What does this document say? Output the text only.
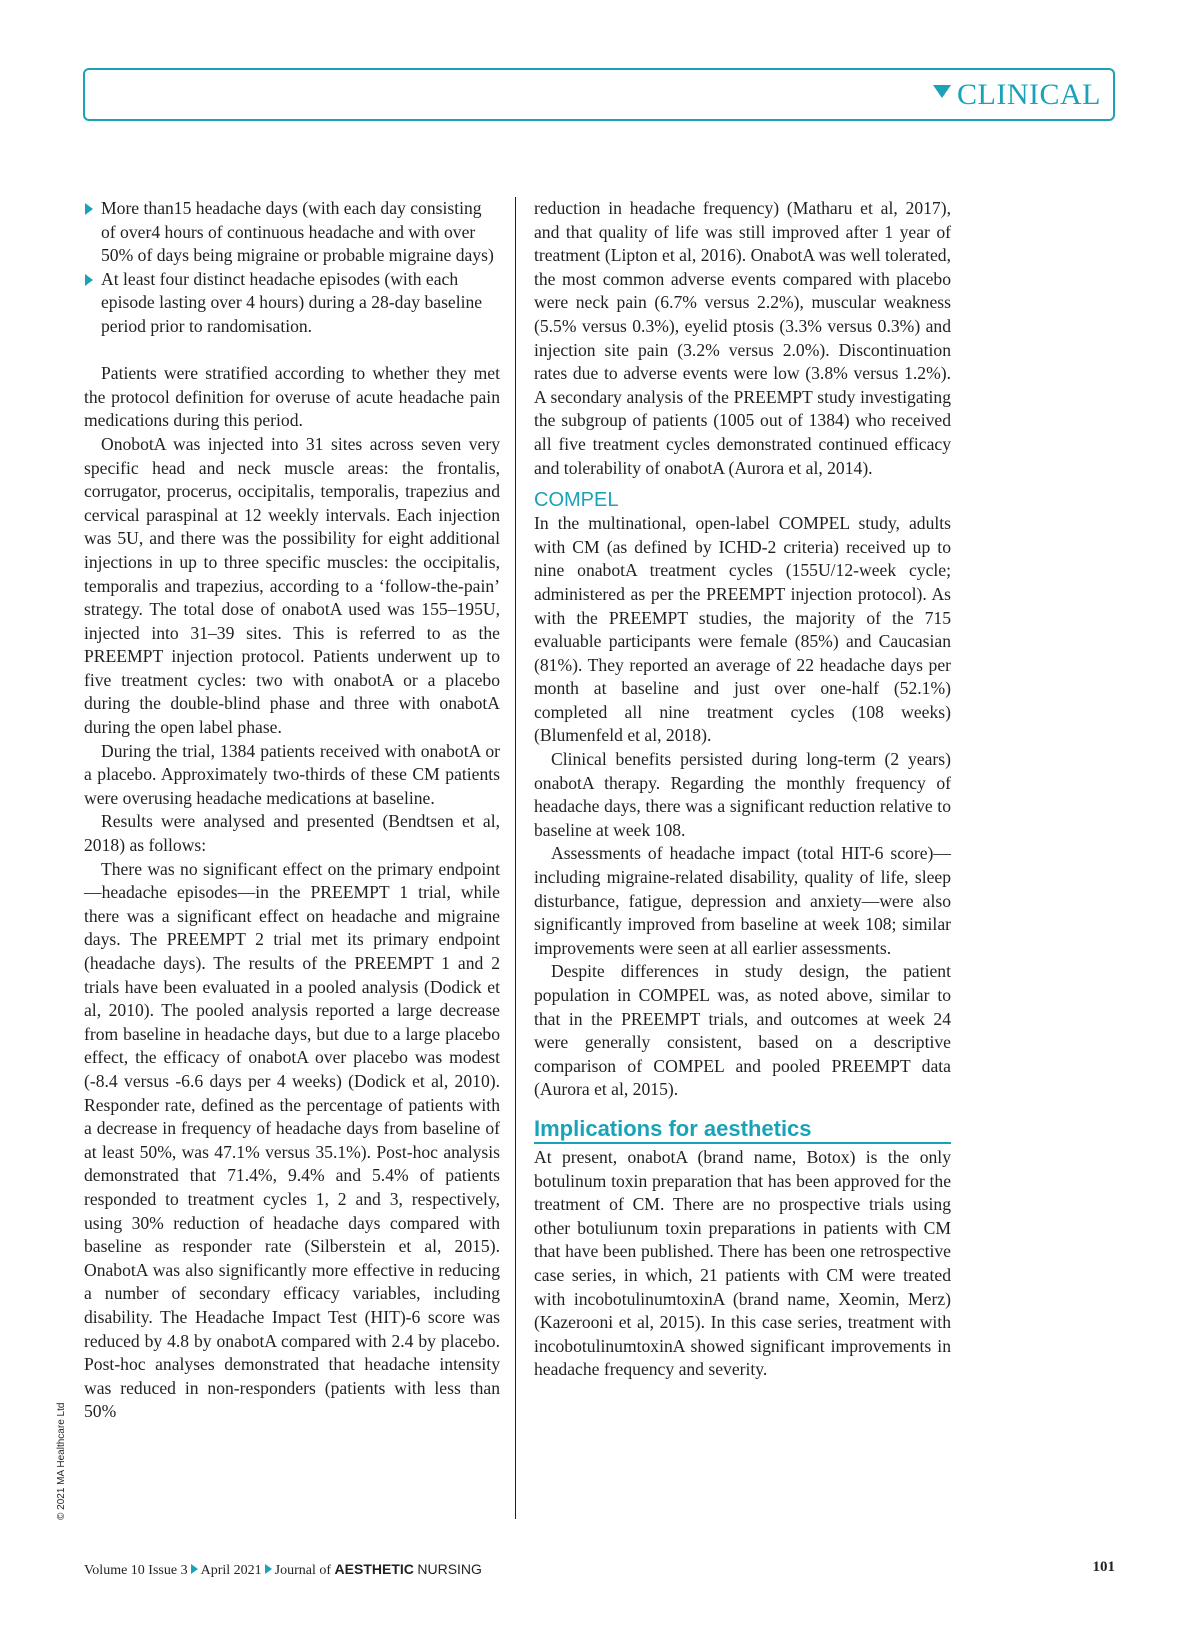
CLINICAL
More than15 headache days (with each day consisting of over4 hours of continuous headache and with over 50% of days being migraine or probable migraine days)
At least four distinct headache episodes (with each episode lasting over 4 hours) during a 28-day baseline period prior to randomisation.

Patients were stratified according to whether they met the protocol definition for overuse of acute headache pain medications during this period.

OnobotA was injected into 31 sites across seven very specific head and neck muscle areas: the frontalis, corrugator, procerus, occipitalis, temporalis, trapezius and cervical paraspinal at 12 weekly intervals. Each injection was 5U, and there was the possibility for eight additional injections in up to three specific muscles: the occipitalis, temporalis and trapezius, according to a ‘follow-the-pain’ strategy. The total dose of onabotA used was 155–195U, injected into 31–39 sites. This is referred to as the PREEMPT injection protocol. Patients underwent up to five treatment cycles: two with onabotA or a placebo during the double-blind phase and three with onabotA during the open label phase.

During the trial, 1384 patients received with onabotA or a placebo. Approximately two-thirds of these CM patients were overusing headache medications at baseline.

Results were analysed and presented (Bendtsen et al, 2018) as follows:

There was no significant effect on the primary endpoint—headache episodes—in the PREEMPT 1 trial, while there was a significant effect on headache and migraine days. The PREEMPT 2 trial met its primary endpoint (headache days). The results of the PREEMPT 1 and 2 trials have been evaluated in a pooled analysis (Dodick et al, 2010). The pooled analysis reported a large decrease from baseline in headache days, but due to a large placebo effect, the efficacy of onabotA over placebo was modest (-8.4 versus -6.6 days per 4 weeks) (Dodick et al, 2010). Responder rate, defined as the percentage of patients with a decrease in frequency of headache days from baseline of at least 50%, was 47.1% versus 35.1%). Post-hoc analysis demonstrated that 71.4%, 9.4% and 5.4% of patients responded to treatment cycles 1, 2 and 3, respectively, using 30% reduction of headache days compared with baseline as responder rate (Silberstein et al, 2015). OnabotA was also significantly more effective in reducing a number of secondary efficacy variables, including disability. The Headache Impact Test (HIT)-6 score was reduced by 4.8 by onabotA compared with 2.4 by placebo. Post-hoc analyses demonstrated that headache intensity was reduced in non-responders (patients with less than 50%

reduction in headache frequency) (Matharu et al, 2017), and that quality of life was still improved after 1 year of treatment (Lipton et al, 2016). OnabotA was well tolerated, the most common adverse events compared with placebo were neck pain (6.7% versus 2.2%), muscular weakness (5.5% versus 0.3%), eyelid ptosis (3.3% versus 0.3%) and injection site pain (3.2% versus 2.0%). Discontinuation rates due to adverse events were low (3.8% versus 1.2%). A secondary analysis of the PREEMPT study investigating the subgroup of patients (1005 out of 1384) who received all five treatment cycles demonstrated continued efficacy and tolerability of onabotA (Aurora et al, 2014).

COMPEL

In the multinational, open-label COMPEL study, adults with CM (as defined by ICHD-2 criteria) received up to nine onabotA treatment cycles (155U/12-week cycle; administered as per the PREEMPT injection protocol). As with the PREEMPT studies, the majority of the 715 evaluable participants were female (85%) and Caucasian (81%). They reported an average of 22 headache days per month at baseline and just over one-half (52.1%) completed all nine treatment cycles (108 weeks) (Blumenfeld et al, 2018).

Clinical benefits persisted during long-term (2 years) onabotA therapy. Regarding the monthly frequency of headache days, there was a significant reduction relative to baseline at week 108.

Assessments of headache impact (total HIT-6 score)—including migraine-related disability, quality of life, sleep disturbance, fatigue, depression and anxiety—were also significantly improved from baseline at week 108; similar improvements were seen at all earlier assessments.

Despite differences in study design, the patient population in COMPEL was, as noted above, similar to that in the PREEMPT trials, and outcomes at week 24 were generally consistent, based on a descriptive comparison of COMPEL and pooled PREEMPT data (Aurora et al, 2015).

Implications for aesthetics

At present, onabotA (brand name, Botox) is the only botulinum toxin preparation that has been approved for the treatment of CM. There are no prospective trials using other botuliunum toxin preparations in patients with CM that have been published. There has been one retrospective case series, in which, 21 patients with CM were treated with incobotulinumtoxinA (brand name, Xeomin, Merz) (Kazerooni et al, 2015). In this case series, treatment with incobotulinumtoxinA showed significant improvements in headache frequency and severity.

© 2021 MA Healthcare Ltd
Volume 10 Issue 3 April 2021 Journal of AESTHETIC NURSING	101
